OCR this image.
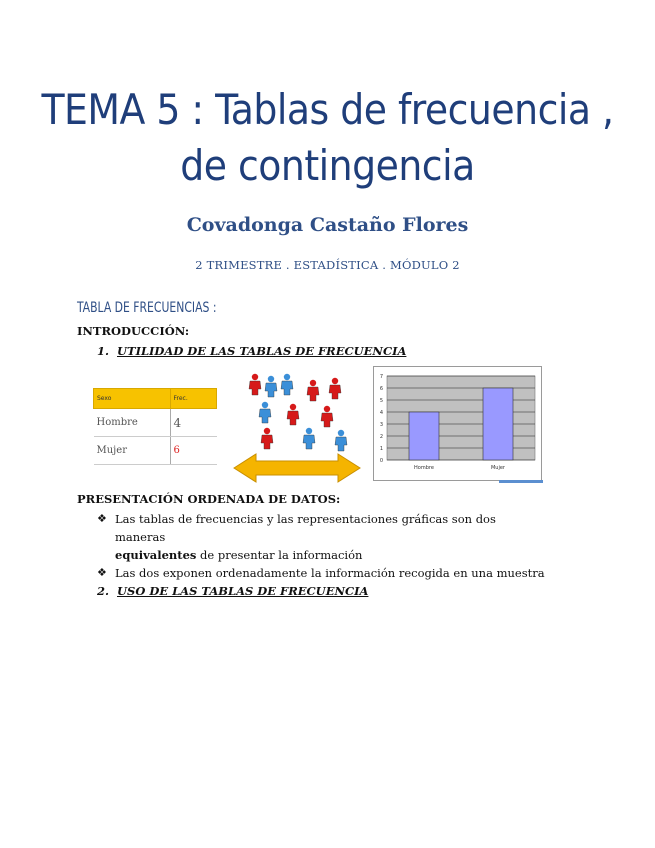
TEMA 5 : Tablas de frecuencia ,
de contingencia
Covadonga Castaño Flores
2 TRIMESTRE . ESTADÍSTICA . MÓDULO 2
TABLA DE FRECUENCIAS :
INTRODUCCIÓN:
1. UTILIDAD DE LAS TABLAS DE FRECUENCIA
Sexo	Frec.
Hombre	4
Mujer	6
0
1
2
3
4
5
6
7
Hombre	Mujer
PRESENTACIÓN ORDENADA DE DATOS:
❖ Las tablas de frecuencias y las representaciones gráficas son dos maneras
equivalentes de presentar la información
❖ Las dos exponen ordenadamente la información recogida en una muestra
2. USO DE LAS TABLAS DE FRECUENCIA
